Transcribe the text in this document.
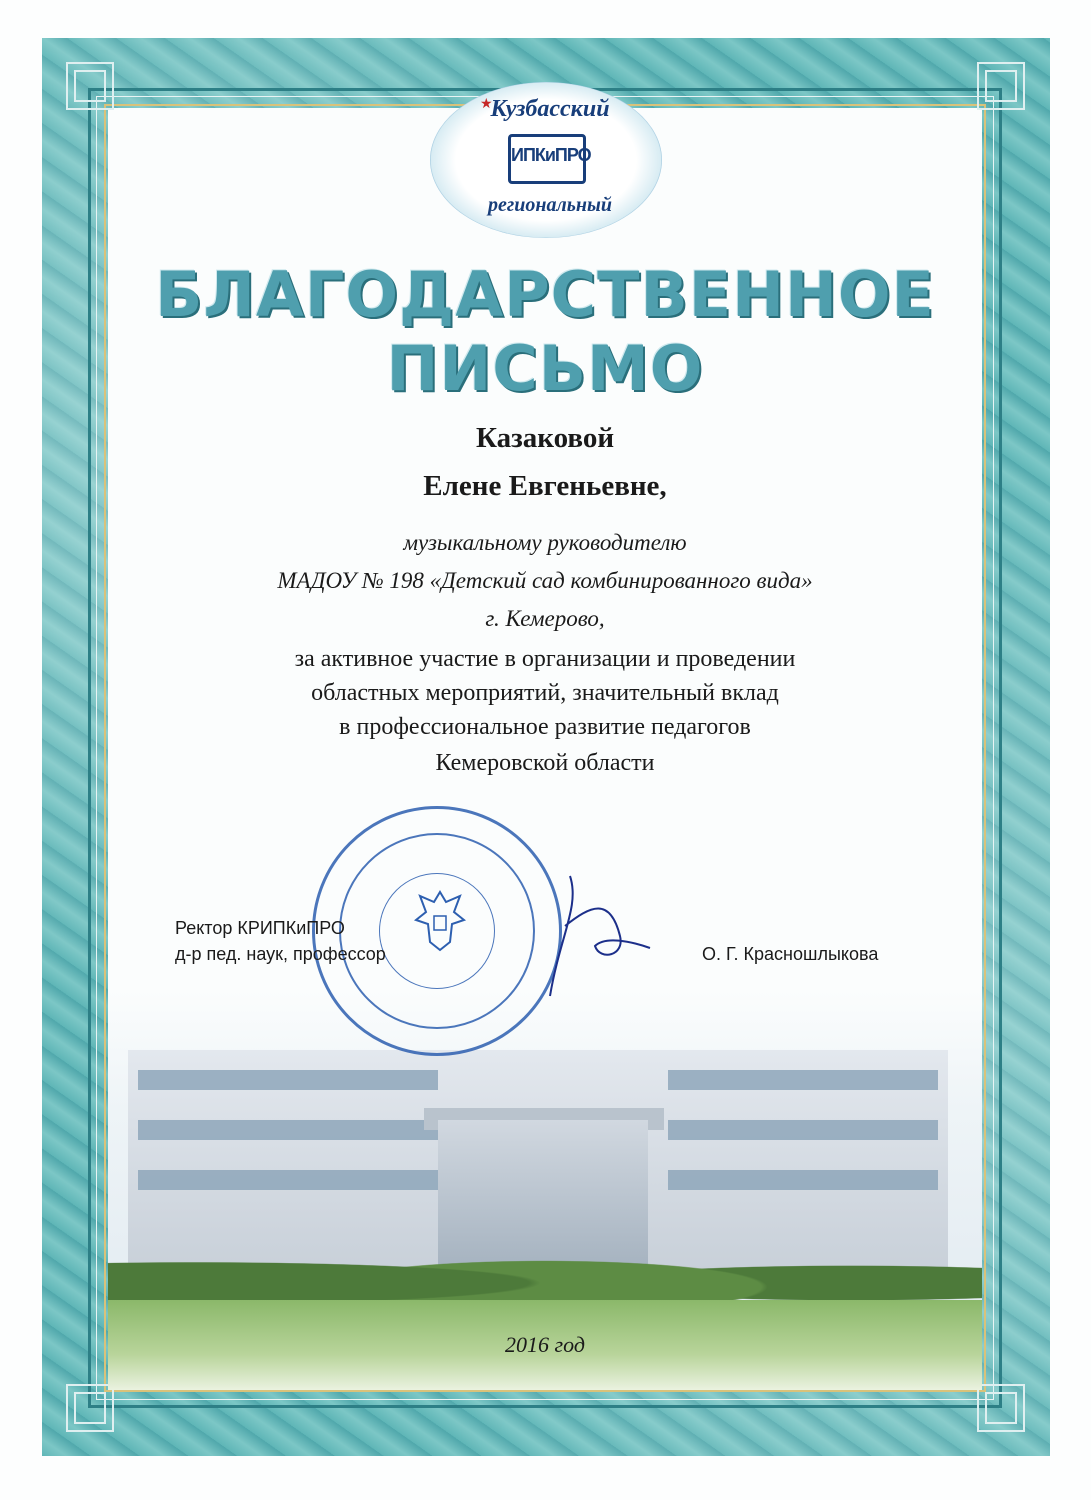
★
Кузбасский
ИПКиПРО
региональный
БЛАГОДАРСТВЕННОЕ
ПИСЬМО
Казаковой
Елене Евгеньевне,
музыкальному руководителю
МАДОУ № 198 «Детский сад комбинированного вида»
г. Кемерово,
за активное участие в организации и проведении
областных мероприятий, значительный вклад
в профессиональное развитие педагогов
Кемеровской области
Ректор КРИПКиПРО
д-р пед. наук, профессор	О. Г. Красношлыкова
2016 год
